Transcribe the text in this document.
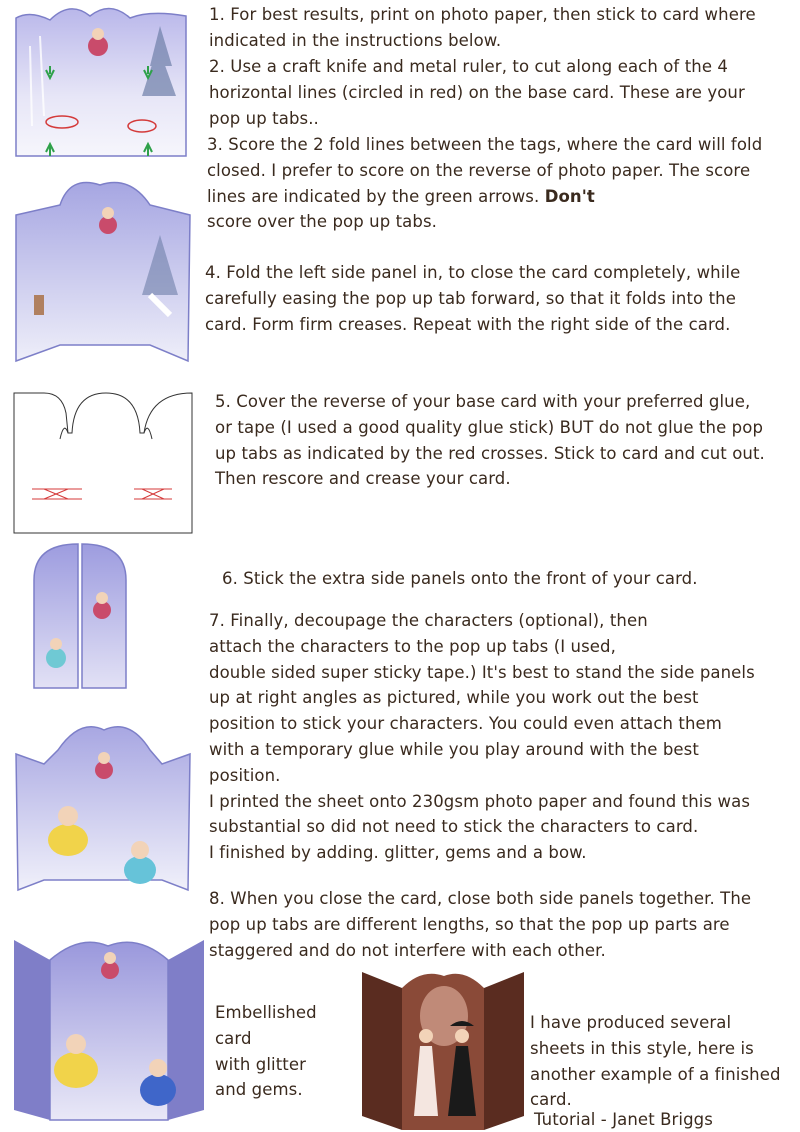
1. For best results, print on photo paper, then stick to card where
indicated in the instructions below.
2. Use a craft knife and metal ruler, to cut along each of the 4
horizontal lines (circled in red) on the base card. These are your
pop up tabs..
3. Score the 2 fold lines between the tags, where the card will fold
closed. I prefer to score on the reverse of photo paper. The score
lines are indicated by the green arrows. Don't
score over the pop up tabs.
4. Fold the left side panel in, to close the card completely, while
carefully easing the pop up tab forward, so that it folds into the
card. Form firm creases. Repeat with the right side of the card.
5. Cover the reverse of your base card with your preferred glue,
or tape (I used a good quality glue stick) BUT do not glue the pop
up tabs as indicated by the red crosses. Stick to card and cut out.
Then rescore and crease your card.
6. Stick the extra side panels onto the front of your card.
7. Finally, decoupage the characters (optional), then
attach the characters to the pop up tabs (I used,
double sided super sticky tape.) It's best to stand the side panels
up at right angles as pictured, while you work out the best
position to stick your characters. You could even attach them
with a temporary glue while you play around with the best
position.
I printed the sheet onto 230gsm photo paper and found this was
substantial so did not need to stick the characters to card.
I finished by adding. glitter, gems and a bow.
8. When you close the card, close both side panels together. The
pop up tabs are different lengths, so that the pop up parts are
staggered and do not interfere with each other.
Embellished
card
with glitter
and gems.
I have produced several
sheets in this style, here is
another example of a finished
card.
Tutorial - Janet Briggs
